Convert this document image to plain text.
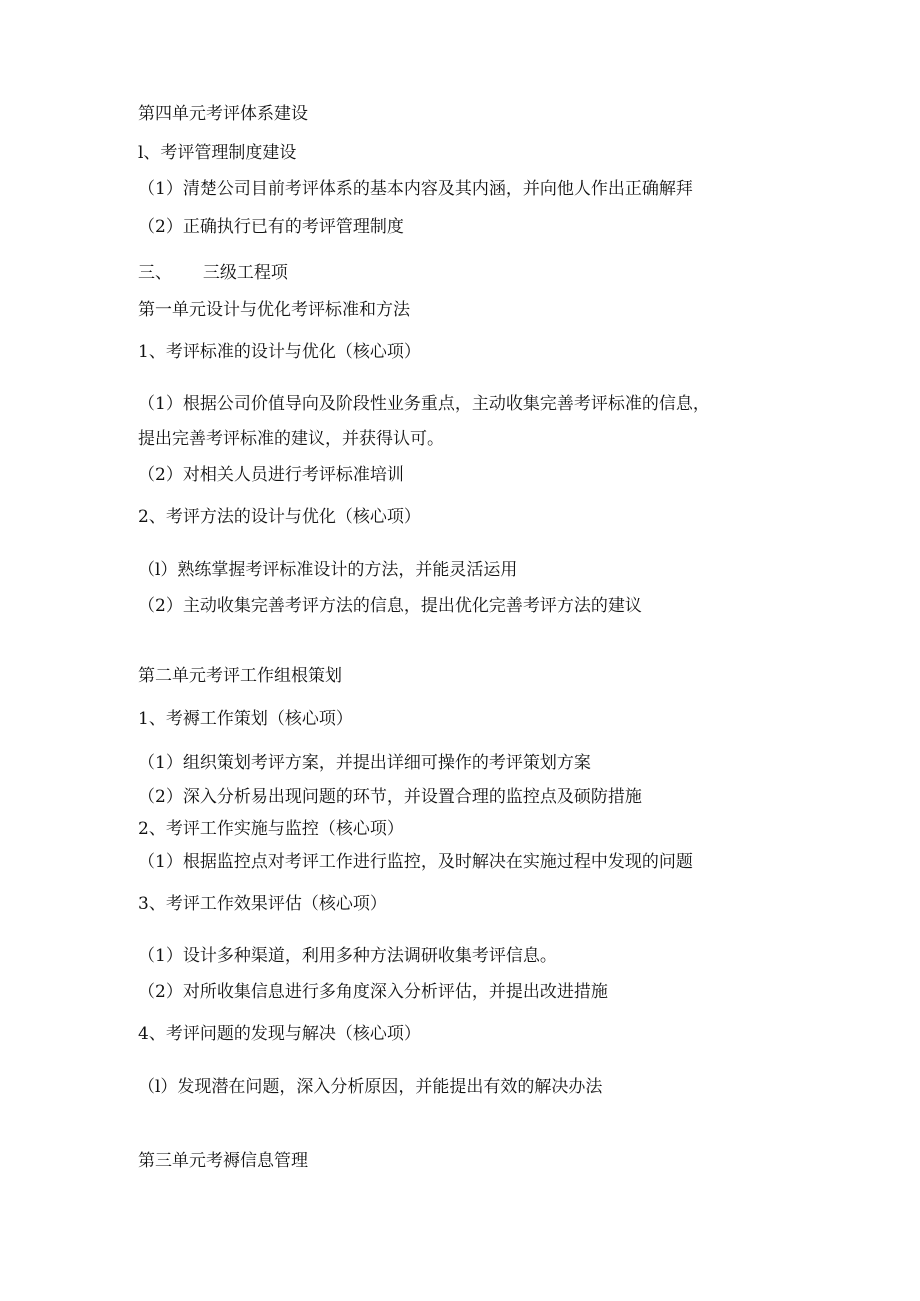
第四单元考评体系建设
l、考评管理制度建设
（1）清楚公司目前考评体系的基本内容及其内涵，并向他人作出正确解拜
（2）正确执行已有的考评管理制度
三、　　 三级工程项
第一单元设计与优化考评标准和方法
1、考评标准的设计与优化（核心项）
（1）根据公司价值导向及阶段性业务重点，主动收集完善考评标准的信息，
提出完善考评标准的建议，并获得认可。
（2）对相关人员进行考评标准培训
2、考评方法的设计与优化（核心项）
（l）熟练掌握考评标准设计的方法，并能灵活运用
（2）主动收集完善考评方法的信息，提出优化完善考评方法的建议
第二单元考评工作组根策划
1、考褥工作策划（核心项）
（1）组织策划考评方案，并提出详细可操作的考评策划方案
（2）深入分析易出现问题的环节，并设置合理的监控点及硕防措施
2、考评工作实施与监控（核心项）
（1）根据监控点对考评工作进行监控，及时解决在实施过程中发现的问题
3、考评工作效果评估（核心项）
（1）设计多种渠道，利用多种方法调研收集考评信息。
（2）对所收集信息进行多角度深入分析评估，并提出改进措施
4、考评问题的发现与解决（核心项）
（l）发现潜在问题，深入分析原因，并能提出有效的解决办法
第三单元考褥信息管理
